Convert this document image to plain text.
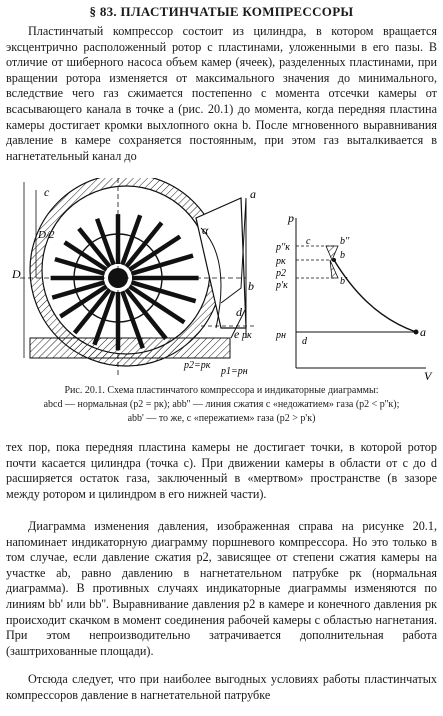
§ 83. ПЛАСТИНЧАТЫЕ КОМПРЕССОРЫ

Пластинчатый компрессор состоит из цилиндра, в котором вращается эксцентрично расположенный ротор с пластинами, уложенными в его пазы. В отличие от шиберного насоса объем камер (ячеек), разделенных пластинами, при вращении ротора изменяется от максимального значения до минимального, вследствие чего газ сжимается постепенно с момента отсечки камеры от всасывающего канала в точке a (рис. 20.1) до момента, когда передняя пластина камеры достигает кромки выхлопного окна b. После мгновенного выравнивания давление в камере сохраняется постоянным, при этом газ выталкивается в нагнетательный канал до

c
D
D/2	α
a
b
d
e pк
p2=pк
p1=pн
p
p''к
pк
p2
p'к
pн
b''
b
b'
c
d
a
V
Рис. 20.1. Схема пластинчатого компрессора и индикаторные диаграммы:
abcd — нормальная (p2 = pк); abb'' — линия сжатия с «недожатием» газа (p2 < p''к);
abb' — то же, с «пережатием» газа (p2 > p'к)

тех пор, пока передняя пластина камеры не достигает точки, в которой ротор почти касается цилиндра (точка c). При движении камеры в области от c до d расширяется остаток газа, заключенный в «мертвом» пространстве (в зазоре между ротором и цилиндром в его нижней части).

Диаграмма изменения давления, изображенная справа на рисунке 20.1, напоминает индикаторную диаграмму поршневого компрессора. Но это только в том случае, если давление сжатия p2, зависящее от степени сжатия камеры на участке ab, равно давлению в нагнетательном патрубке pк (нормальная диаграмма). В противных случаях индикаторные диаграммы изменяются по линиям bb' или bb''. Выравнивание давления p2 в камере и конечного давления pк происходит скачком в момент соединения рабочей камеры с областью нагнетания. При этом непроизводительно затрачивается дополнительная работа (заштрихованные площади).

Отсюда следует, что при наиболее выгодных условиях работы пластинчатых компрессоров давление в нагнетательной патрубке
